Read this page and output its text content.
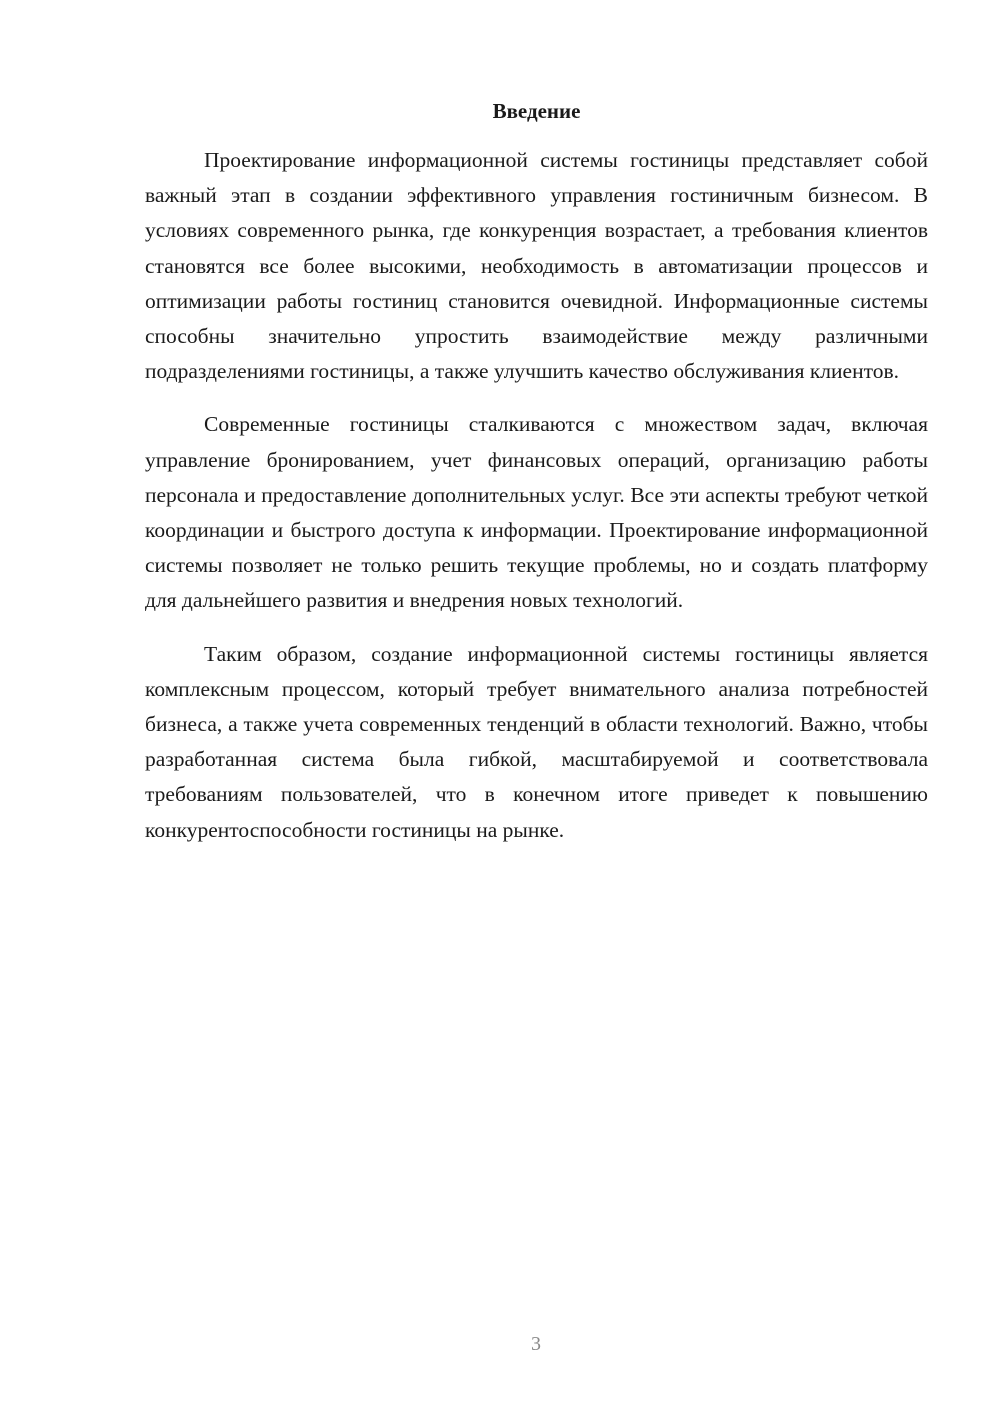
Введение

Проектирование информационной системы гостиницы представляет собой важный этап в создании эффективного управления гостиничным бизнесом. В условиях современного рынка, где конкуренция возрастает, а требования клиентов становятся все более высокими, необходимость в автоматизации процессов и оптимизации работы гостиниц становится очевидной. Информационные системы способны значительно упростить взаимодействие между различными подразделениями гостиницы, а также улучшить качество обслуживания клиентов.

Современные гостиницы сталкиваются с множеством задач, включая управление бронированием, учет финансовых операций, организацию работы персонала и предоставление дополнительных услуг. Все эти аспекты требуют четкой координации и быстрого доступа к информации. Проектирование информационной системы позволяет не только решить текущие проблемы, но и создать платформу для дальнейшего развития и внедрения новых технологий.

Таким образом, создание информационной системы гостиницы является комплексным процессом, который требует внимательного анализа потребностей бизнеса, а также учета современных тенденций в области технологий. Важно, чтобы разработанная система была гибкой, масштабируемой и соответствовала требованиям пользователей, что в конечном итоге приведет к повышению конкурентоспособности гостиницы на рынке.

3
